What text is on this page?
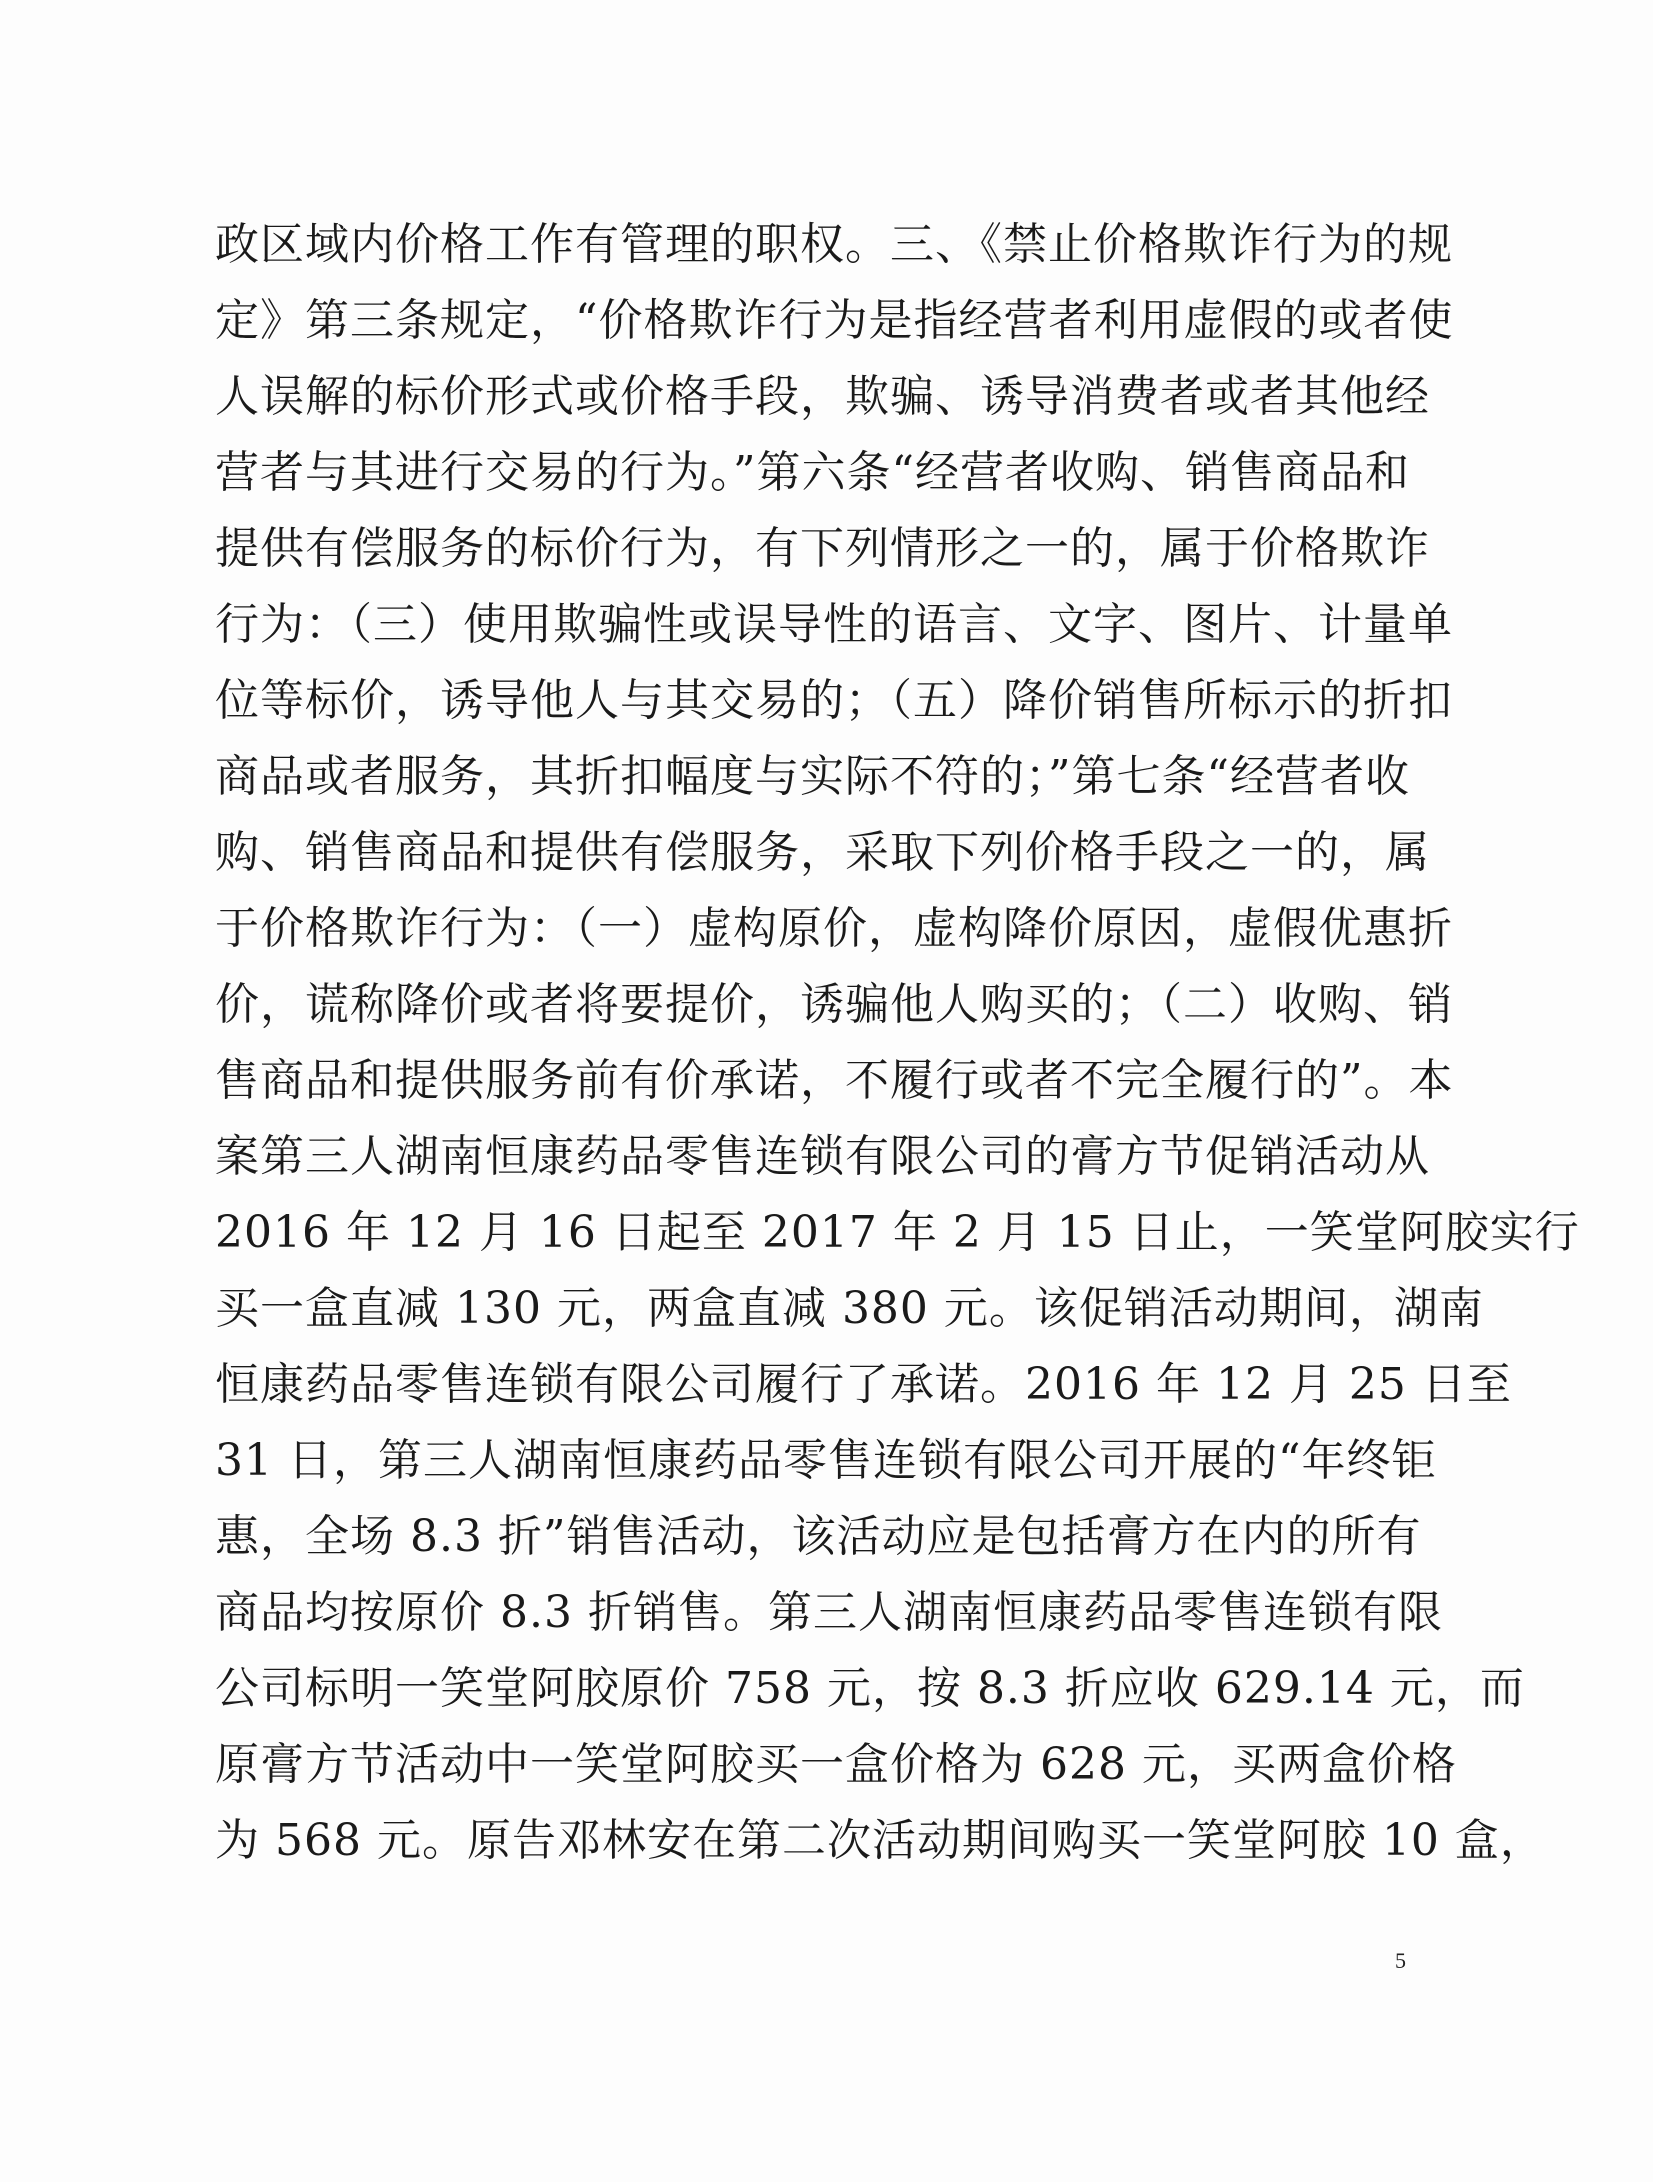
政区域内价格工作有管理的职权。三、《禁止价格欺诈行为的规
定》第三条规定，“价格欺诈行为是指经营者利用虚假的或者使
人误解的标价形式或价格手段，欺骗、诱导消费者或者其他经
营者与其进行交易的行为。”第六条“经营者收购、销售商品和
提供有偿服务的标价行为，有下列情形之一的，属于价格欺诈
行为：（三）使用欺骗性或误导性的语言、文字、图片、计量单
位等标价，诱导他人与其交易的；（五）降价销售所标示的折扣
商品或者服务，其折扣幅度与实际不符的；”第七条“经营者收
购、销售商品和提供有偿服务，采取下列价格手段之一的，属
于价格欺诈行为：（一）虚构原价，虚构降价原因，虚假优惠折
价，谎称降价或者将要提价，诱骗他人购买的；（二）收购、销
售商品和提供服务前有价承诺，不履行或者不完全履行的”。本
案第三人湖南恒康药品零售连锁有限公司的膏方节促销活动从
2016 年 12 月 16 日起至 2017 年 2 月 15 日止，一笑堂阿胶实行
买一盒直减 130 元，两盒直减 380 元。该促销活动期间，湖南
恒康药品零售连锁有限公司履行了承诺。2016 年 12 月 25 日至
31 日，第三人湖南恒康药品零售连锁有限公司开展的“年终钜
惠，全场 8.3 折”销售活动，该活动应是包括膏方在内的所有
商品均按原价 8.3 折销售。第三人湖南恒康药品零售连锁有限
公司标明一笑堂阿胶原价 758 元，按 8.3 折应收 629.14 元，而
原膏方节活动中一笑堂阿胶买一盒价格为 628 元，买两盒价格
为 568 元。原告邓林安在第二次活动期间购买一笑堂阿胶 10 盒，
5
